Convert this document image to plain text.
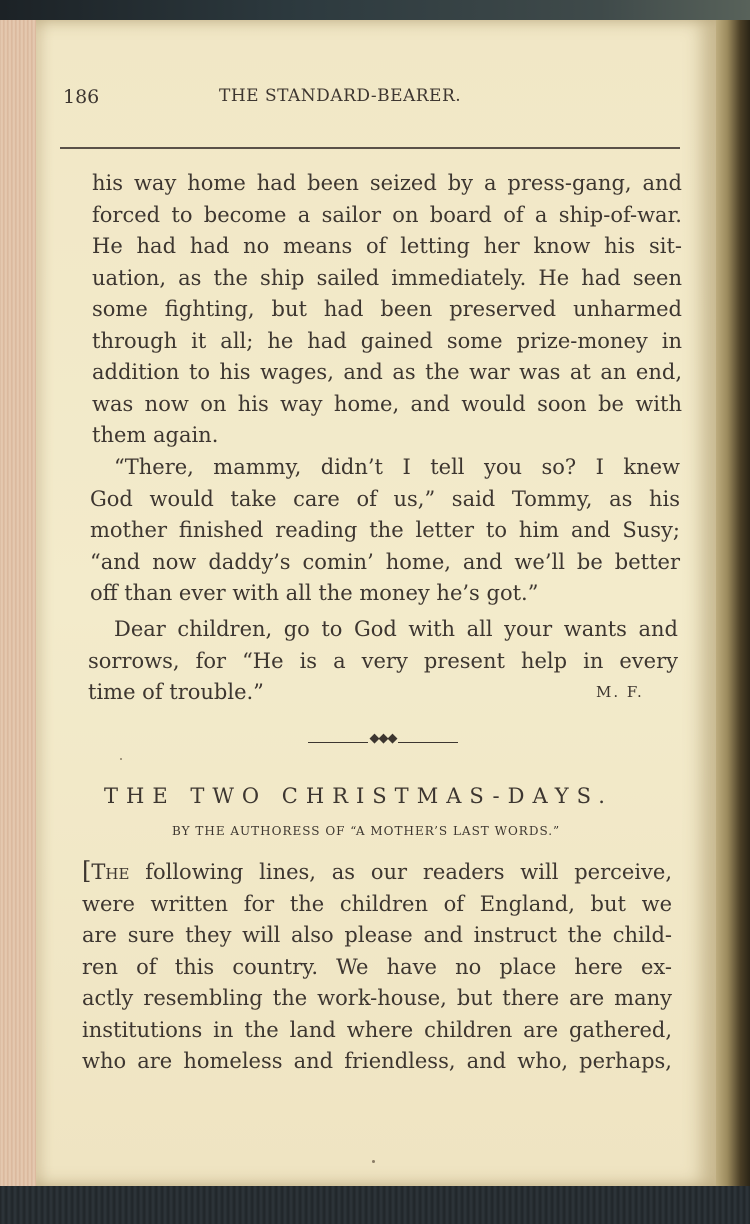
186	THE STANDARD-BEARER.
his way home had been seized by a press-gang, and
forced to become a sailor on board of a ship-of-war.
He had had no means of letting her know his sit-
uation, as the ship sailed immediately. He had seen
some fighting, but had been preserved unharmed
through it all; he had gained some prize-money in
addition to his wages, and as the war was at an end,
was now on his way home, and would soon be with
them again.
“There, mammy, didn’t I tell you so? I knew
God would take care of us,” said Tommy, as his
mother finished reading the letter to him and Susy;
“and now daddy’s comin’ home, and we’ll be better
off than ever with all the money he’s got.”
Dear children, go to God with all your wants and
sorrows, for “He is a very present help in every
time of trouble.”	M. F.
◆◆◆
THE TWO CHRISTMAS-DAYS.
BY THE AUTHORESS OF “A MOTHER’S LAST WORDS.”
[The following lines, as our readers will perceive,
were written for the children of England, but we
are sure they will also please and instruct the child-
ren of this country. We have no place here ex-
actly resembling the work-house, but there are many
institutions in the land where children are gathered,
who are homeless and friendless, and who, perhaps,
